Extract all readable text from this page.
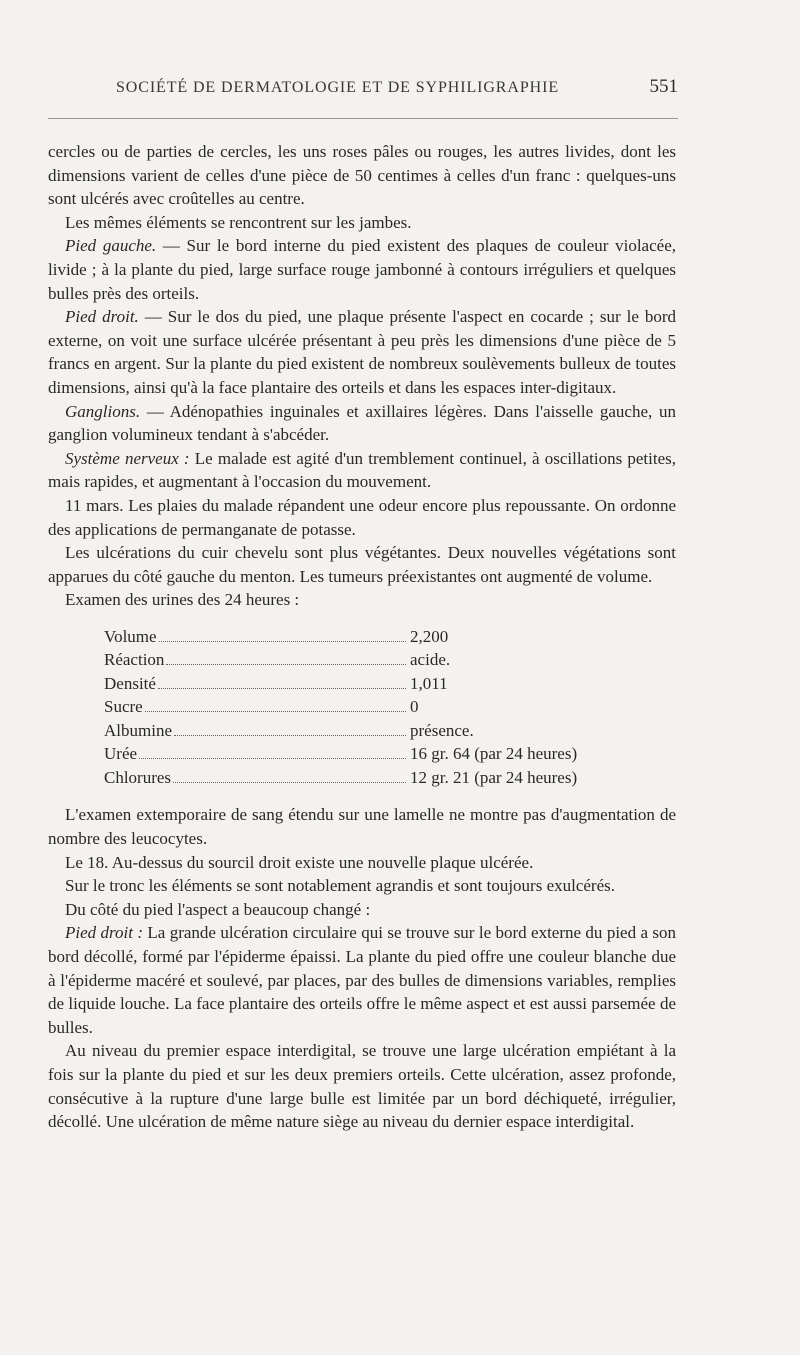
SOCIÉTÉ DE DERMATOLOGIE ET DE SYPHILIGRAPHIE	551

cercles ou de parties de cercles, les uns roses pâles ou rouges, les autres livides, dont les dimensions varient de celles d'une pièce de 50 centimes à celles d'un franc : quelques-uns sont ulcérés avec croûtelles au centre.

Les mêmes éléments se rencontrent sur les jambes.

Pied gauche. — Sur le bord interne du pied existent des plaques de couleur violacée, livide ; à la plante du pied, large surface rouge jambonné à contours irréguliers et quelques bulles près des orteils.

Pied droit. — Sur le dos du pied, une plaque présente l'aspect en cocarde ; sur le bord externe, on voit une surface ulcérée présentant à peu près les dimensions d'une pièce de 5 francs en argent. Sur la plante du pied existent de nombreux soulèvements bulleux de toutes dimensions, ainsi qu'à la face plantaire des orteils et dans les espaces inter-digitaux.

Ganglions. — Adénopathies inguinales et axillaires légères. Dans l'aisselle gauche, un ganglion volumineux tendant à s'abcéder.

Système nerveux : Le malade est agité d'un tremblement continuel, à oscillations petites, mais rapides, et augmentant à l'occasion du mouvement.

11 mars. Les plaies du malade répandent une odeur encore plus repoussante. On ordonne des applications de permanganate de potasse.

Les ulcérations du cuir chevelu sont plus végétantes. Deux nouvelles végétations sont apparues du côté gauche du menton. Les tumeurs préexistantes ont augmenté de volume.

Examen des urines des 24 heures :

Volume	2,200
Réaction	acide.
Densité	1,011
Sucre	0
Albumine	présence.
Urée	16 gr. 64 (par 24 heures)
Chlorures	12 gr. 21 (par 24 heures)

L'examen extemporaire de sang étendu sur une lamelle ne montre pas d'augmentation de nombre des leucocytes.

Le 18. Au-dessus du sourcil droit existe une nouvelle plaque ulcérée.

Sur le tronc les éléments se sont notablement agrandis et sont toujours exulcérés.

Du côté du pied l'aspect a beaucoup changé :

Pied droit : La grande ulcération circulaire qui se trouve sur le bord externe du pied a son bord décollé, formé par l'épiderme épaissi. La plante du pied offre une couleur blanche due à l'épiderme macéré et soulevé, par places, par des bulles de dimensions variables, remplies de liquide louche. La face plantaire des orteils offre le même aspect et est aussi parsemée de bulles.

Au niveau du premier espace interdigital, se trouve une large ulcération empiétant à la fois sur la plante du pied et sur les deux premiers orteils. Cette ulcération, assez profonde, consécutive à la rupture d'une large bulle est limitée par un bord déchiqueté, irrégulier, décollé. Une ulcération de même nature siège au niveau du dernier espace interdigital.
